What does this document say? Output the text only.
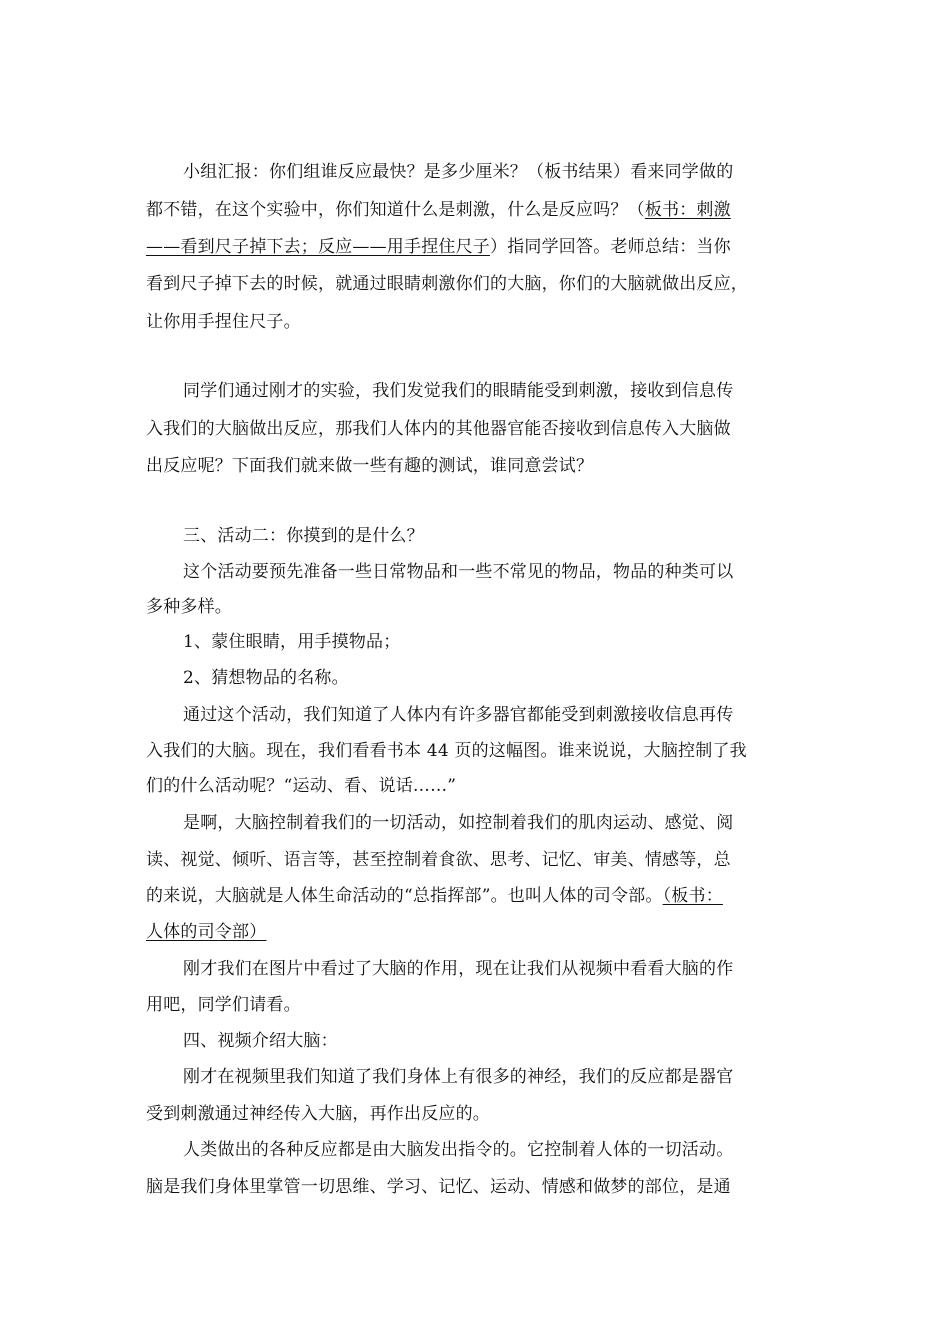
小组汇报：你们组谁反应最快？是多少厘米？（板书结果）看来同学做的
都不错，在这个实验中，你们知道什么是刺激，什么是反应吗？（板书：刺激
——看到尺子掉下去；反应——用手捏住尺子）指同学回答。老师总结：当你
看到尺子掉下去的时候，就通过眼睛刺激你们的大脑，你们的大脑就做出反应，
让你用手捏住尺子。
同学们通过刚才的实验，我们发觉我们的眼睛能受到刺激，接收到信息传
入我们的大脑做出反应，那我们人体内的其他器官能否接收到信息传入大脑做
出反应呢？下面我们就来做一些有趣的测试，谁同意尝试？
三、活动二：你摸到的是什么？
这个活动要预先准备一些日常物品和一些不常见的物品，物品的种类可以
多种多样。
1、蒙住眼睛，用手摸物品；
2、猜想物品的名称。
通过这个活动，我们知道了人体内有许多器官都能受到刺激接收信息再传
入我们的大脑。现在，我们看看书本 44 页的这幅图。谁来说说，大脑控制了我
们的什么活动呢？“运动、看、说话……”
是啊，大脑控制着我们的一切活动，如控制着我们的肌肉运动、感觉、阅
读、视觉、倾听、语言等，甚至控制着食欲、思考、记忆、审美、情感等，总
的来说，大脑就是人体生命活动的“总指挥部”。也叫人体的司令部。（板书：
人体的司令部）
刚才我们在图片中看过了大脑的作用，现在让我们从视频中看看大脑的作
用吧，同学们请看。
四、视频介绍大脑：
刚才在视频里我们知道了我们身体上有很多的神经，我们的反应都是器官
受到刺激通过神经传入大脑，再作出反应的。
人类做出的各种反应都是由大脑发出指令的。它控制着人体的一切活动。
脑是我们身体里掌管一切思维、学习、记忆、运动、情感和做梦的部位，是通
